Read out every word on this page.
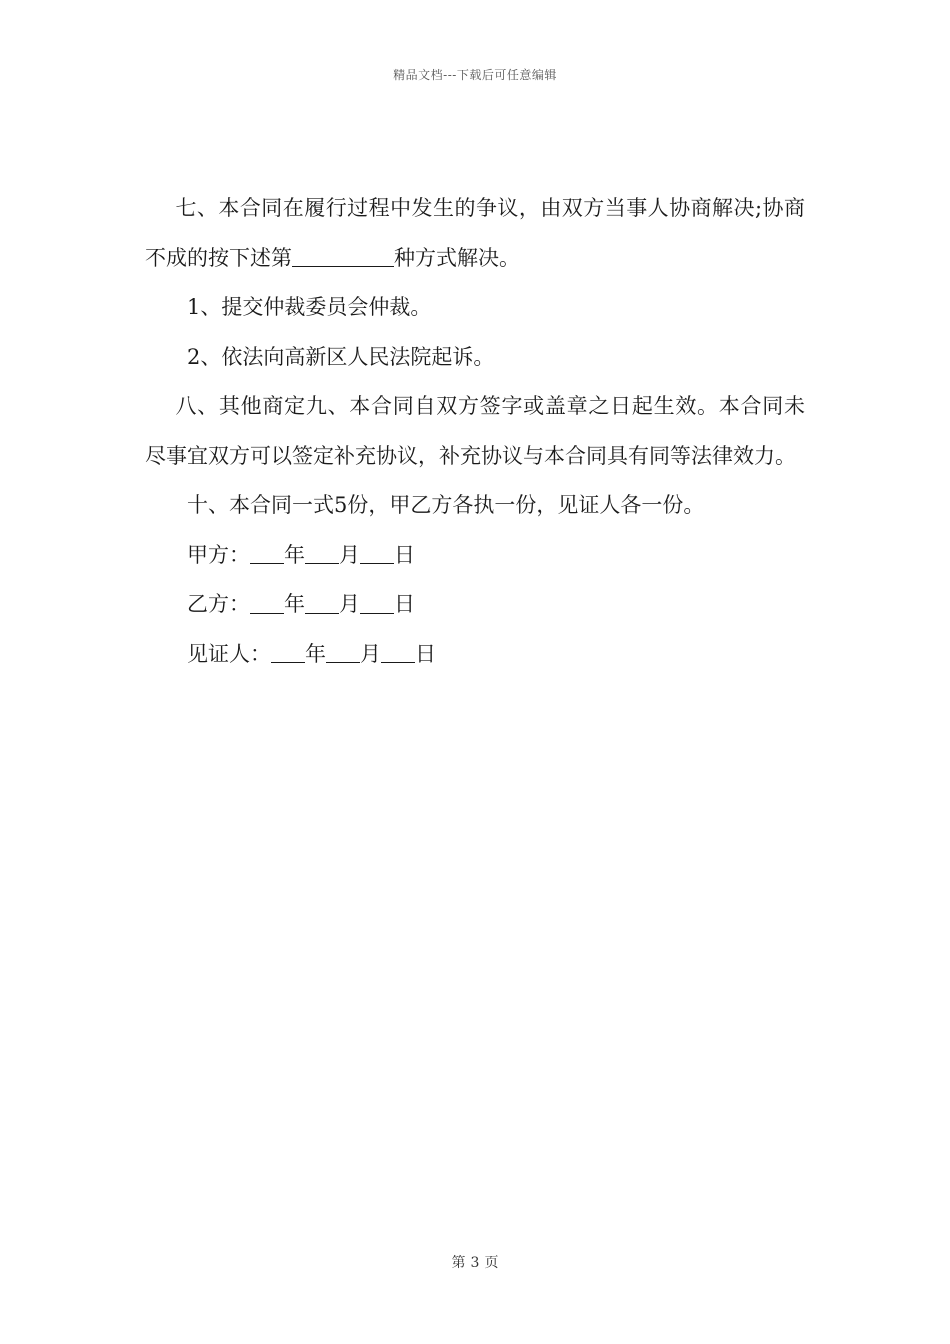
精品文档---下载后可任意编辑

七、本合同在履行过程中发生的争议，由双方当事人协商解决;协商不成的按下述第	种方式解决。

1、提交仲裁委员会仲裁。

2、依法向高新区人民法院起诉。

八、其他商定九、本合同自双方签字或盖章之日起生效。本合同未尽事宜双方可以签定补充协议，补充协议与本合同具有同等法律效力。

十、本合同一式5份，甲乙方各执一份，见证人各一份。

甲方： 年 月 日

乙方： 年 月 日

见证人： 年 月 日

第 3 页
